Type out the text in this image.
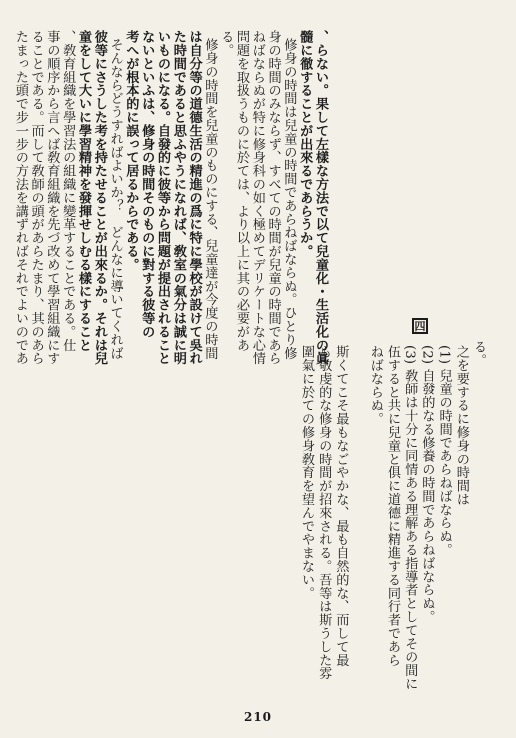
四
る。
之を要するに修身の時間は
(1) 兒童の時間であらねばならぬ。
(2) 自發的なる修養の時間であらねばならぬ。
(3) 敎師は十分に同情ある理解ある指導者としてその間に
伍すると共に兒童と俱に道德に精進する同行者であら
ねばならぬ。
斯くてこそ最もなごやかな、最も自然的な、而して最
も敬虔的な修身の時間が招來される。吾等は斯うした雰
圍氣に於ての修身敎育を望んでやまない。
、らない。果して左樣な方法で以て兒童化・生活化の眞
髓に徹することが出來るであらうか。
修身の時間は兒童の時間であらねばならぬ。ひとり修
身の時間のみならず、すべての時間が兒童の時間であら
ねばならぬが特に修身科の如く極めてデリケートな心情
問題を取扱うものに於ては、より以上に其の必要があ
る。
修身の時間を兒童のものにする、兒童達が今度の時間
は自分等の道德生活の精進の爲に特に學校が設けて吳れ
た時間であると思ふやうになれば、敎室の氣分は誠に明
いものになる。自發的に彼等から問題が提出されること
ないといふは、修身の時間そのものに對する彼等の
考へが根本的に誤って居るからである。
そんならどうすればよいか？　どんなに導いてくれば
彼等にさうした考を持たせることが出來るか。それは兒
童をして大いに學習精神を發揮せしむる樣にすること
、敎育組織を學習法の組織に變革することである。仕
事の順序から言へば敎育組織を先づ改めて學習組織にす
ることである。而して敎師の頭があらたまり、其のあら
たまった頭で步一步の方法を講ずればそれでよいのであ
210
